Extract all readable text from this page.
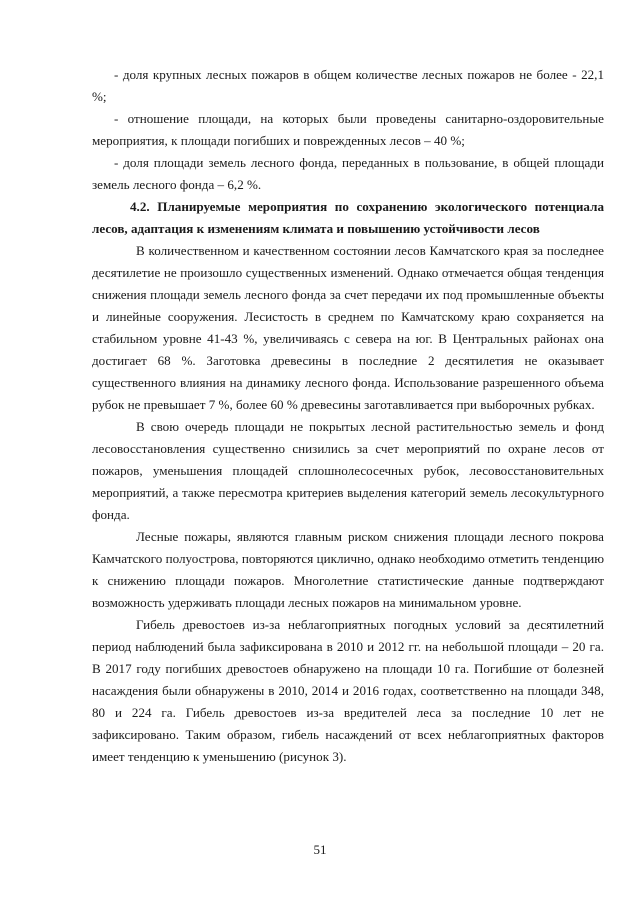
- доля крупных лесных пожаров в общем количестве лесных пожаров не более - 22,1 %;

- отношение площади, на которых были проведены санитарно-оздоровительные мероприятия, к площади погибших и поврежденных лесов – 40 %;

- доля площади земель лесного фонда, переданных в пользование, в общей площади земель лесного фонда – 6,2 %.

4.2. Планируемые мероприятия по сохранению экологического потенциала лесов, адаптация к изменениям климата и повышению устойчивости лесов

В количественном и качественном состоянии лесов Камчатского края за последнее десятилетие не произошло существенных изменений. Однако отмечается общая тенденция снижения площади земель лесного фонда за счет передачи их под промышленные объекты и линейные сооружения. Лесистость в среднем по Камчатскому краю сохраняется на стабильном уровне 41-43 %, увеличиваясь с севера на юг. В Центральных районах она достигает 68 %. Заготовка древесины в последние 2 десятилетия не оказывает существенного влияния на динамику лесного фонда. Использование разрешенного объема рубок не превышает 7 %, более 60 % древесины заготавливается при выборочных рубках.

В свою очередь площади не покрытых лесной растительностью земель и фонд лесовосстановления существенно снизились за счет мероприятий по охране лесов от пожаров, уменьшения площадей сплошнолесосечных рубок, лесовосстановительных мероприятий, а также пересмотра критериев выделения категорий земель лесокультурного фонда.

Лесные пожары, являются главным риском снижения площади лесного покрова Камчатского полуострова, повторяются циклично, однако необходимо отметить тенденцию к снижению площади пожаров. Многолетние статистические данные подтверждают возможность удерживать площади лесных пожаров на минимальном уровне.

Гибель древостоев из-за неблагоприятных погодных условий за десятилетний период наблюдений была зафиксирована в 2010 и 2012 гг. на небольшой площади – 20 га. В 2017 году погибших древостоев обнаружено на площади 10 га. Погибшие от болезней насаждения были обнаружены в 2010, 2014 и 2016 годах, соответственно на площади 348, 80 и 224 га. Гибель древостоев из-за вредителей леса за последние 10 лет не зафиксировано. Таким образом, гибель насаждений от всех неблагоприятных факторов имеет тенденцию к уменьшению (рисунок 3).

51
